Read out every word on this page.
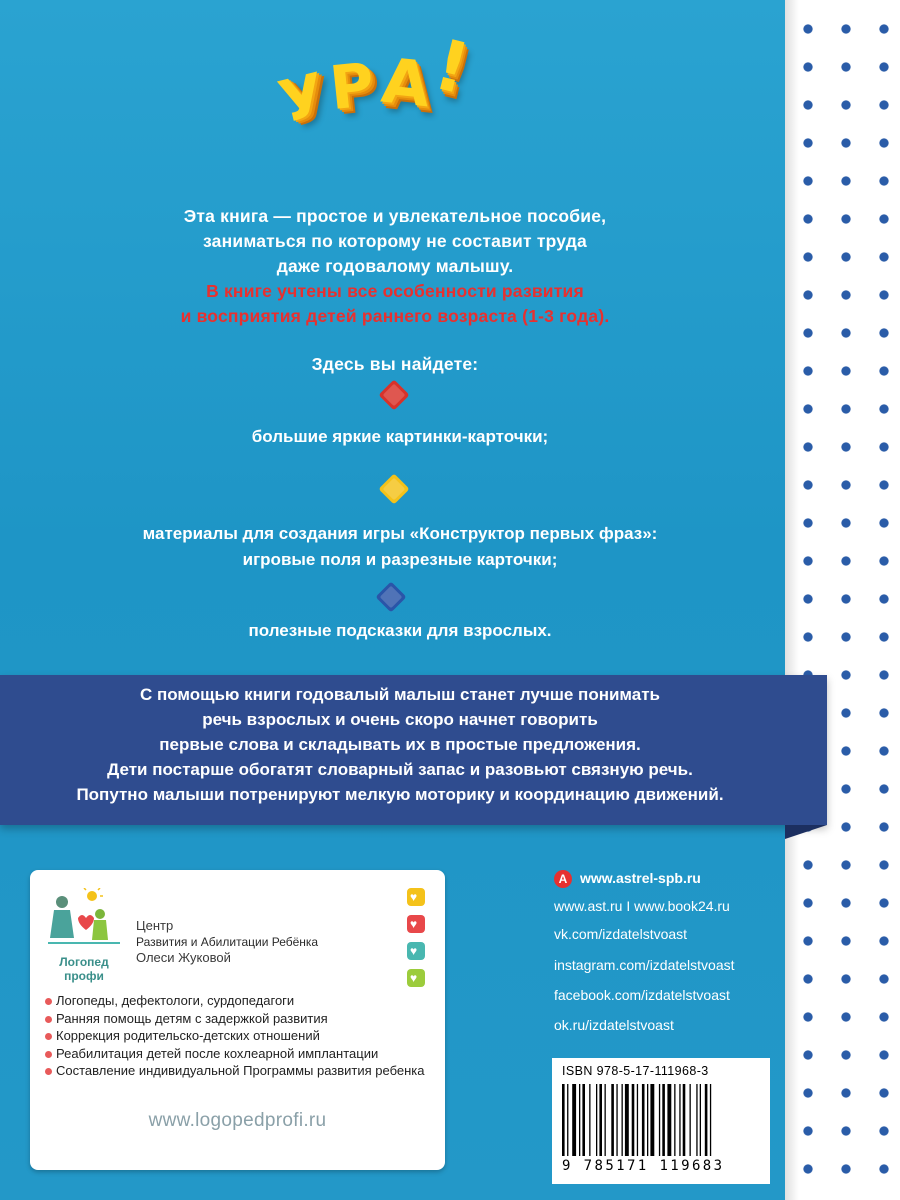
У
Р А
!
Эта книга — простое и увлекательное пособие,
заниматься по которому не составит труда
даже годовалому малышу.
В книге учтены все особенности развития
и восприятия детей раннего возраста (1-3 года).
Здесь вы найдете:
большие яркие картинки-карточки;
материалы для создания игры «Конструктор первых фраз»:
игровые поля и разрезные карточки;
полезные подсказки для взрослых.
С помощью книги годовалый малыш станет лучше понимать
речь взрослых и очень скоро начнет говорить
первые слова и складывать их в простые предложения.
Дети постарше обогатят словарный запас и разовьют связную речь.
Попутно малыши потренируют мелкую моторику и координацию движений.
Логопед
профи
Центр
Развития и Абилитации Ребёнка
Олеси Жуковой
♥
♥
♥
♥
Логопеды, дефектологи, сурдопедагоги
Ранняя помощь детям с задержкой развития
Коррекция родительско-детских отношений
Реабилитация детей после кохлеарной имплантации
Составление индивидуальной Программы развития ребенка
www.logopedprofi.ru
А www.astrel-spb.ru
www.ast.ru I www.book24.ru
vk.com/izdatelstvoast
instagram.com/izdatelstvoast
facebook.com/izdatelstvoast
ok.ru/izdatelstvoast
ISBN 978-5-17-111968-3
9 785171 119683
